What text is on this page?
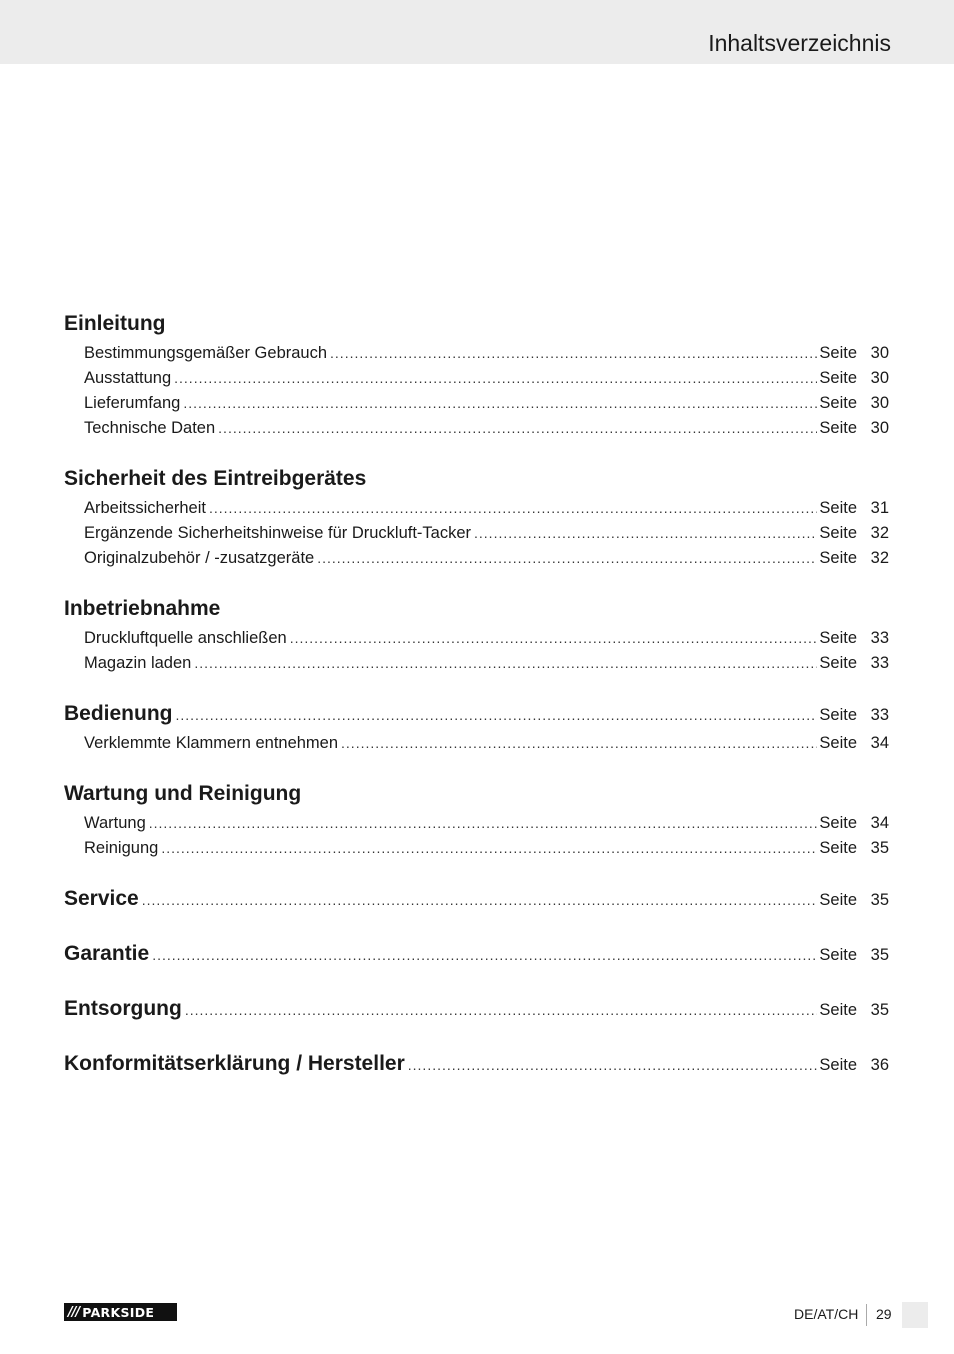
Inhaltsverzeichnis
Einleitung
Bestimmungsgemäßer Gebrauch .....	Seite 30
Ausstattung .....	Seite 30
Lieferumfang .....	Seite 30
Technische Daten .....	Seite 30
Sicherheit des Eintreibgerätes
Arbeitssicherheit .....	Seite 31
Ergänzende Sicherheitshinweise für Druckluft-Tacker .....	Seite 32
Originalzubehör / -zusatzgeräte .....	Seite 32
Inbetriebnahme
Druckluftquelle anschließen .....	Seite 33
Magazin laden .....	Seite 33
Bedienung .....	Seite 33
Verklemmte Klammern entnehmen .....	Seite 34
Wartung und Reinigung
Wartung .....	Seite 34
Reinigung .....	Seite 35
Service .....	Seite 35
Garantie .....	Seite 35
Entsorgung .....	Seite 35
Konformitätserklärung / Hersteller .....	Seite 36
/// PARKSIDE	DE/AT/CH 29
